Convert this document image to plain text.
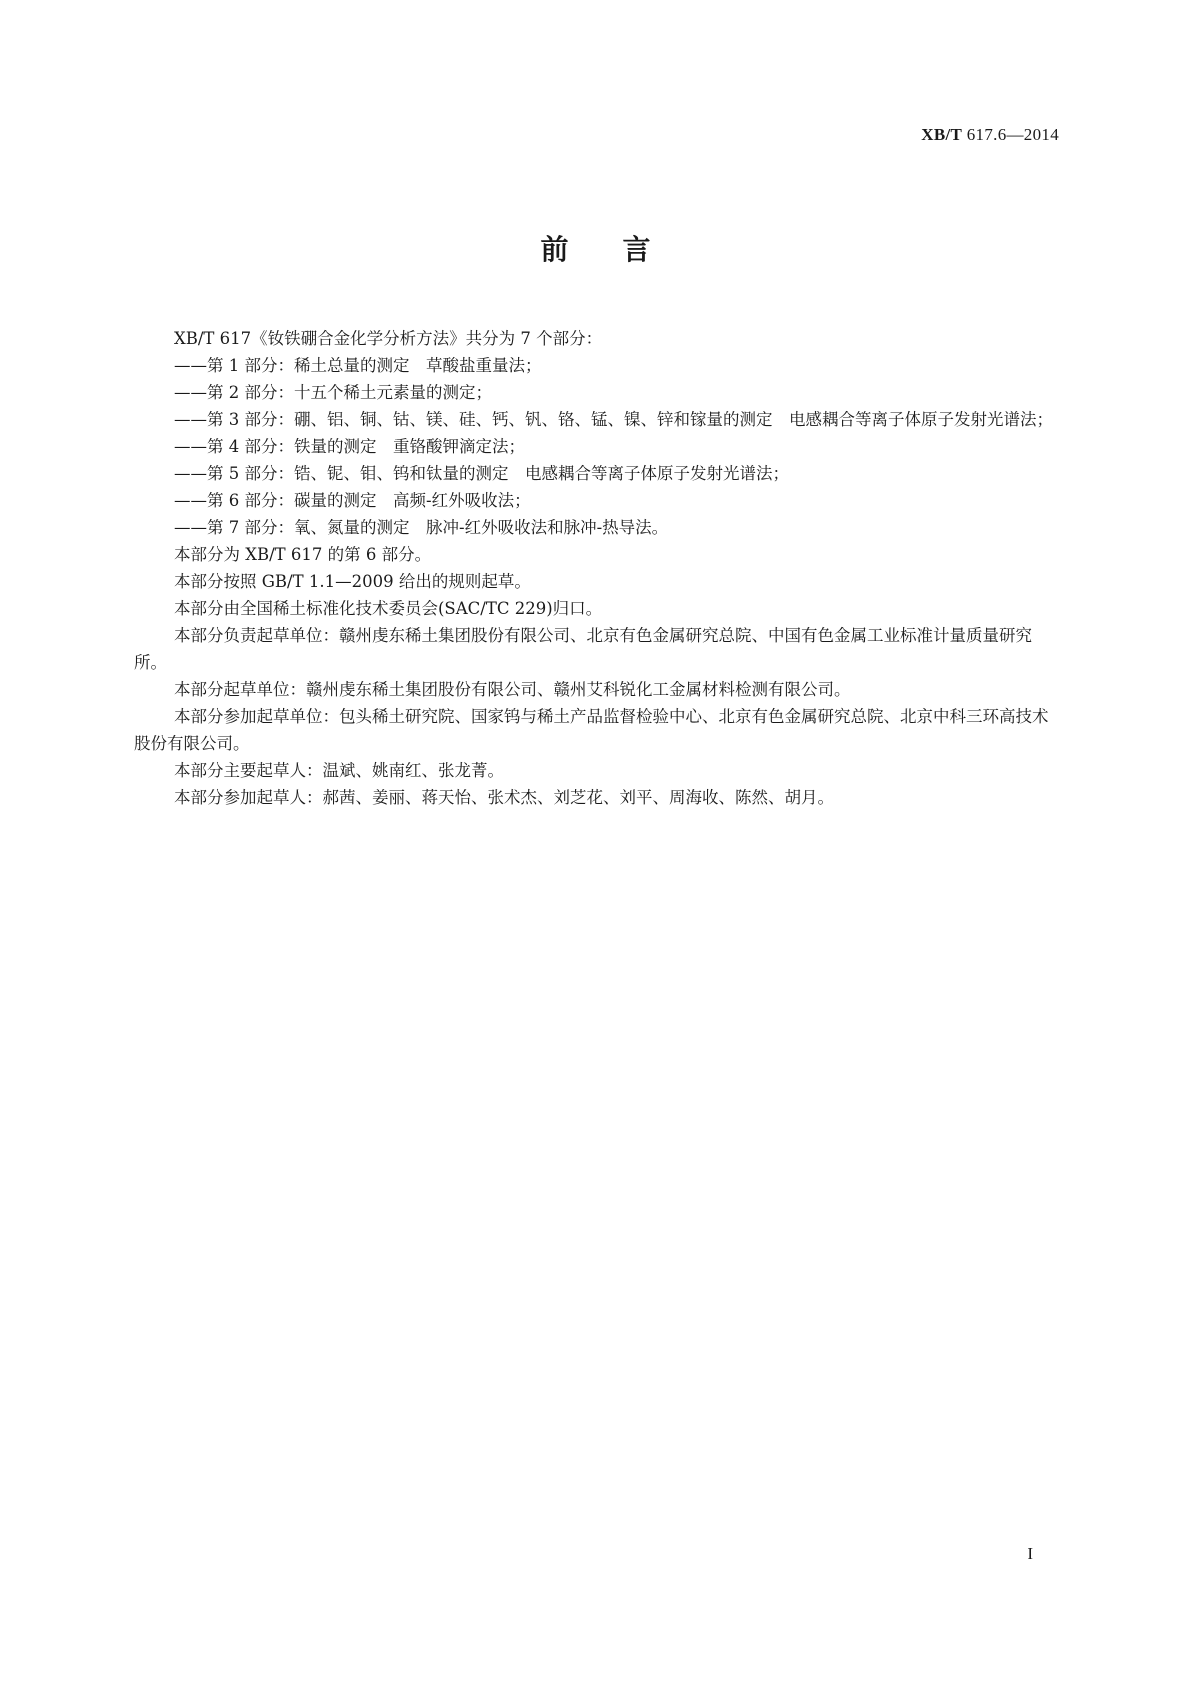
XB/T 617.6—2014
前言

XB/T 617《钕铁硼合金化学分析方法》共分为 7 个部分：

——第 1 部分：稀土总量的测定　草酸盐重量法；

——第 2 部分：十五个稀土元素量的测定；

——第 3 部分：硼、铝、铜、钴、镁、硅、钙、钒、铬、锰、镍、锌和镓量的测定　电感耦合等离子体原子发射光谱法；

——第 4 部分：铁量的测定　重铬酸钾滴定法；

——第 5 部分：锆、铌、钼、钨和钛量的测定　电感耦合等离子体原子发射光谱法；

——第 6 部分：碳量的测定　高频-红外吸收法；

——第 7 部分：氧、氮量的测定　脉冲-红外吸收法和脉冲-热导法。

本部分为 XB/T 617 的第 6 部分。

本部分按照 GB/T 1.1—2009 给出的规则起草。

本部分由全国稀土标准化技术委员会(SAC/TC 229)归口。

本部分负责起草单位：赣州虔东稀土集团股份有限公司、北京有色金属研究总院、中国有色金属工业标准计量质量研究所。

本部分起草单位：赣州虔东稀土集团股份有限公司、赣州艾科锐化工金属材料检测有限公司。

本部分参加起草单位：包头稀土研究院、国家钨与稀土产品监督检验中心、北京有色金属研究总院、北京中科三环高技术股份有限公司。

本部分主要起草人：温斌、姚南红、张龙菁。

本部分参加起草人：郝茜、姜丽、蒋天怡、张术杰、刘芝花、刘平、周海收、陈然、胡月。

I
